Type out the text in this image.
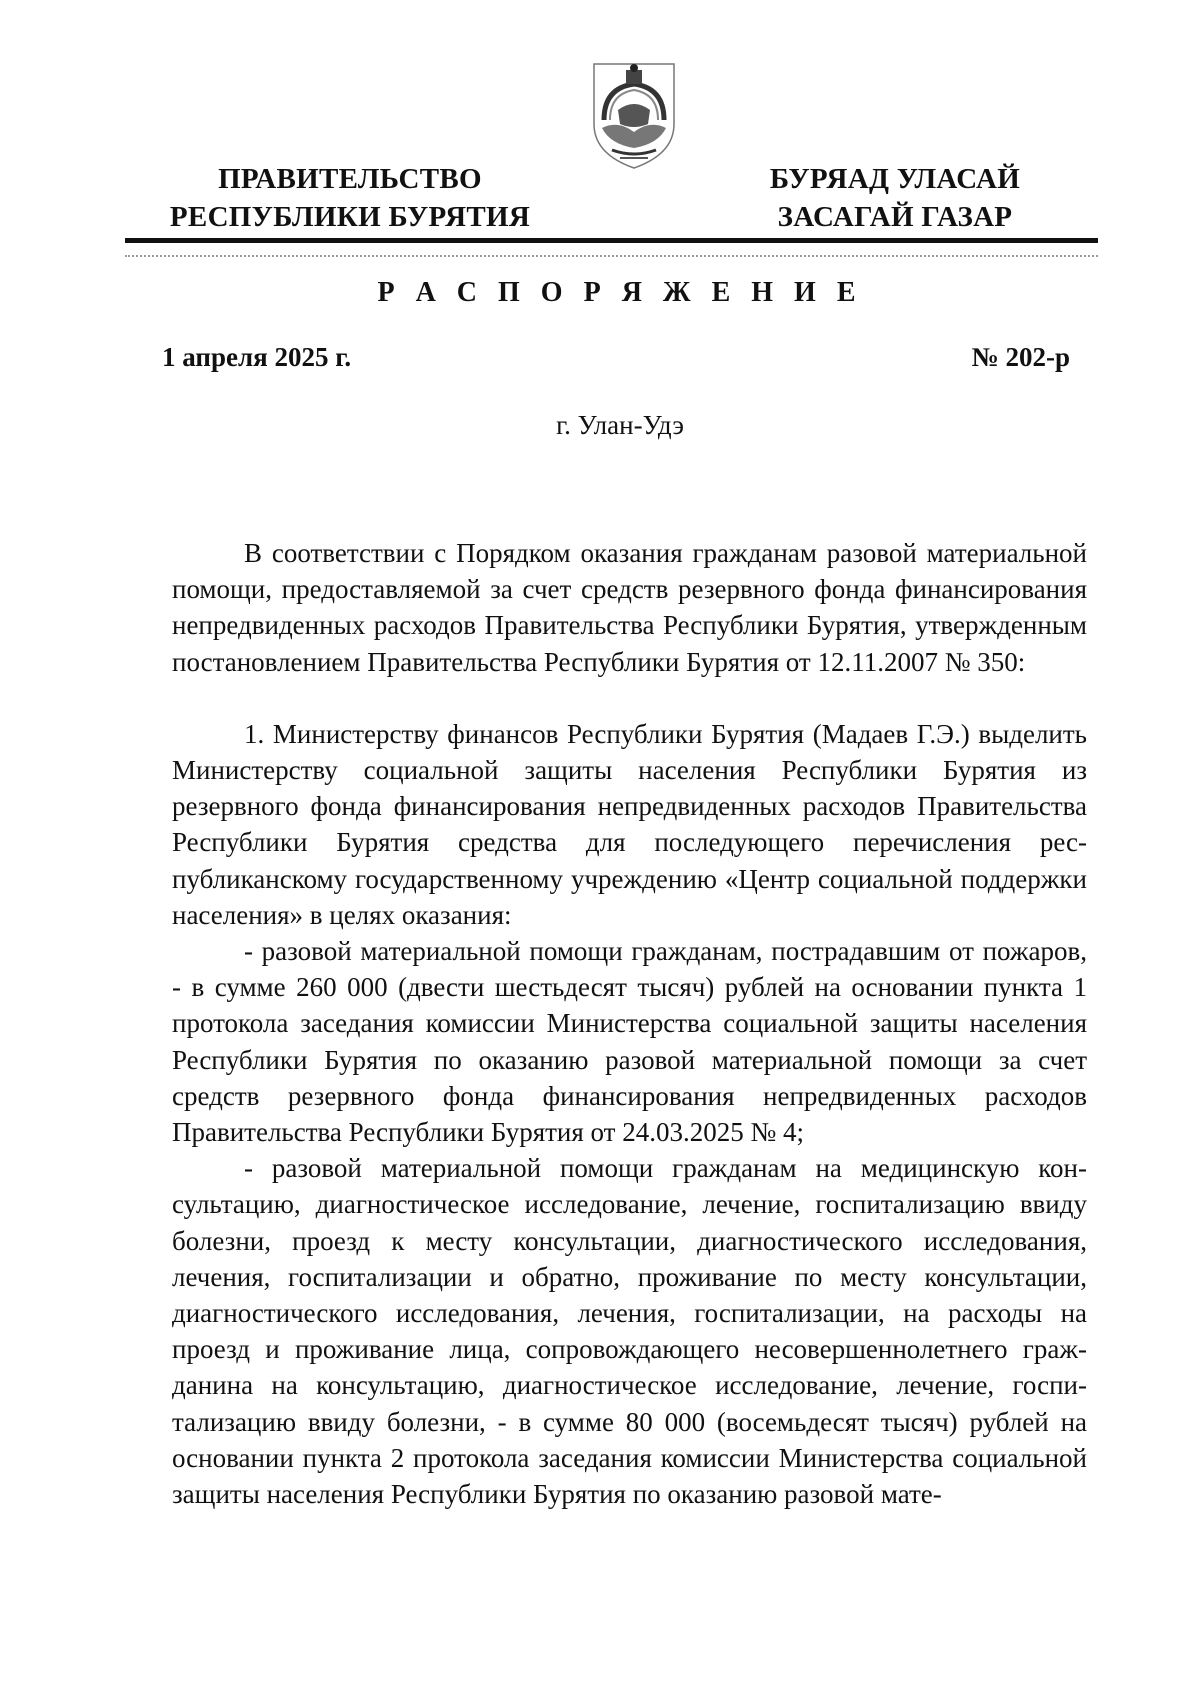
ПРАВИТЕЛЬСТВО
РЕСПУБЛИКИ БУРЯТИЯ
БУРЯАД УЛАСАЙ
ЗАСАГАЙ ГАЗАР
Р А С П О Р Я Ж Е Н И Е
1 апреля 2025 г.	№ 202-р
г. Улан-Удэ

В соответствии с Порядком оказания гражданам разовой материальной помощи, предоставляемой за счет средств резервного фонда финансирования непредвиденных расходов Правительства Республики Бурятия, утвержденным постановлением Правительства Республики Бурятия от 12.11.2007 № 350:

1. Министерству финансов Республики Бурятия (Мадаев Г.Э.) выделить Министерству социальной защиты населения Республики Бурятия из резервного фонда финансирования непредвиденных расходов Правительства Республики Бурятия средства для последующего перечисления республиканскому государственному учреждению «Центр социальной поддержки населения» в целях оказания:

- разовой материальной помощи гражданам, пострадавшим от пожаров, - в сумме 260 000 (двести шестьдесят тысяч) рублей на основании пункта 1 протокола заседания комиссии Министерства социальной защиты населения Республики Бурятия по оказанию разовой материальной помощи за счет средств резервного фонда финансирования непредвиденных расходов Правительства Республики Бурятия от 24.03.2025 № 4;

- разовой материальной помощи гражданам на медицинскую консультацию, диагностическое исследование, лечение, госпитализацию ввиду болезни, проезд к месту консультации, диагностического исследования, лечения, госпитализации и обратно, проживание по месту консультации, диагностического исследования, лечения, госпитализации, на расходы на проезд и проживание лица, сопровождающего несовершеннолетнего гражданина на консультацию, диагностическое исследование, лечение, госпитализацию ввиду болезни, - в сумме 80 000 (восемьдесят тысяч) рублей на основании пункта 2 протокола заседания комиссии Министерства социальной защиты населения Республики Бурятия по оказанию разовой мате-
